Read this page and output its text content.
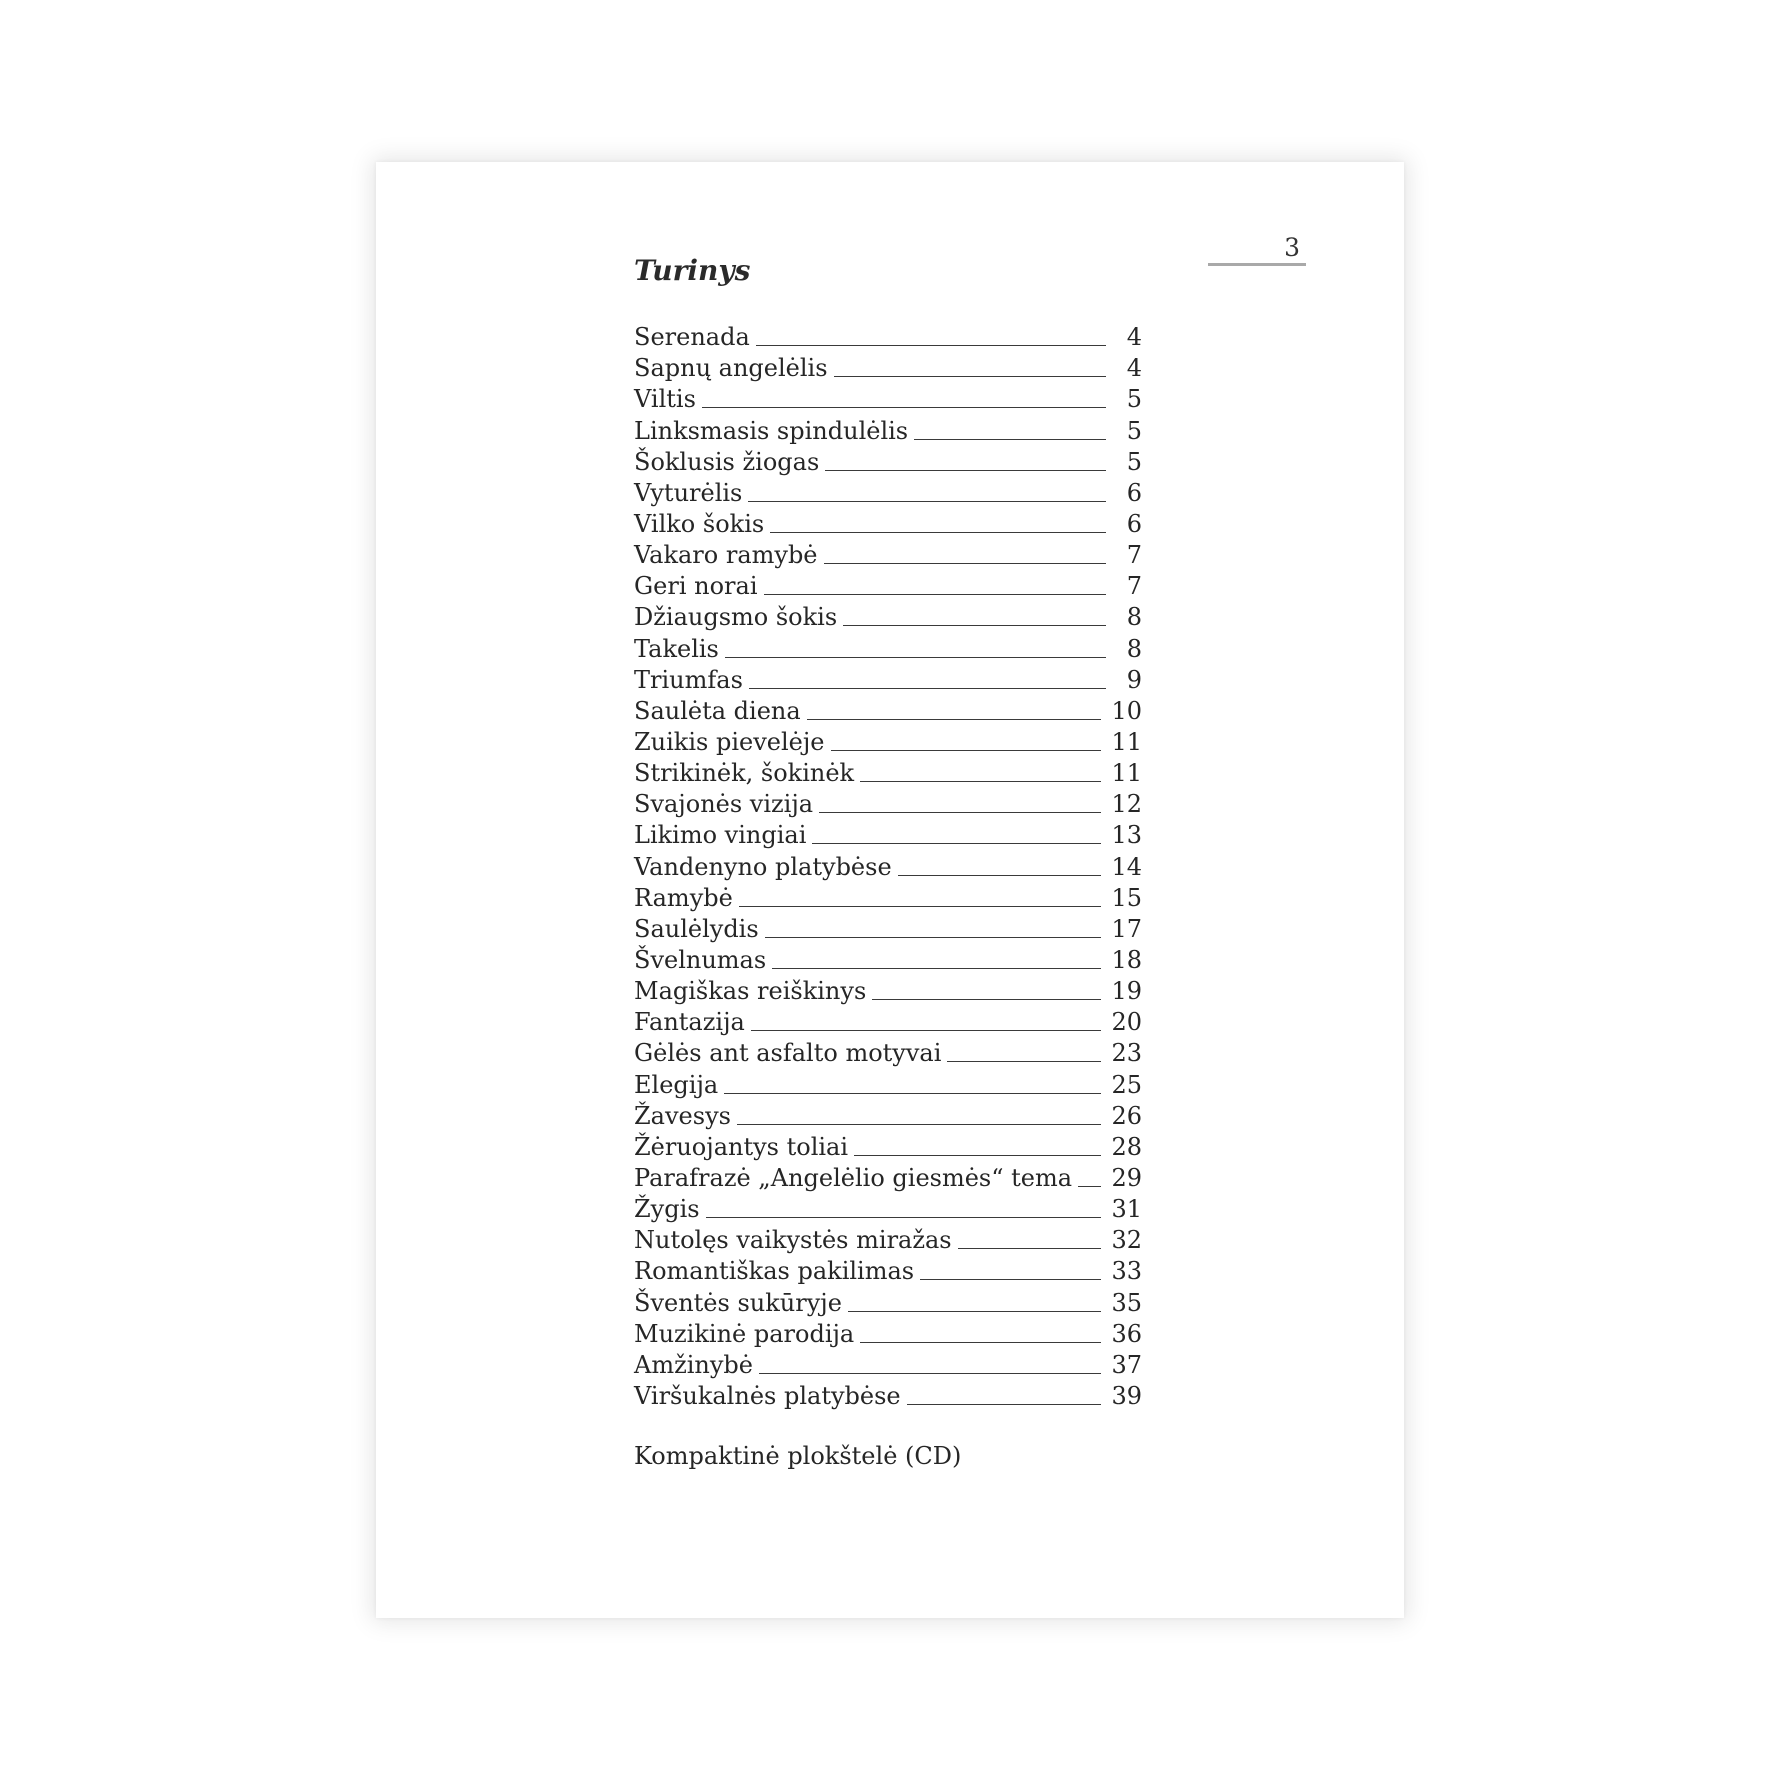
3
Turinys
Serenada	4
Sapnų angelėlis	4
Viltis	5
Linksmasis spindulėlis	5
Šoklusis žiogas	5
Vyturėlis	6
Vilko šokis	6
Vakaro ramybė	7
Geri norai	7
Džiaugsmo šokis	8
Takelis	8
Triumfas	9
Saulėta diena	10
Zuikis pievelėje	11
Strikinėk, šokinėk	11
Svajonės vizija	12
Likimo vingiai	13
Vandenyno platybėse	14
Ramybė	15
Saulėlydis	17
Švelnumas	18
Magiškas reiškinys	19
Fantazija	20
Gėlės ant asfalto motyvai	23
Elegija	25
Žavesys	26
Žėruojantys toliai	28
Parafrazė „Angelėlio giesmės“ tema 29
Žygis	31
Nutolęs vaikystės miražas	32
Romantiškas pakilimas	33
Šventės sukūryje	35
Muzikinė parodija	36
Amžinybė	37
Viršukalnės platybėse	39
Kompaktinė plokštelė (CD)
